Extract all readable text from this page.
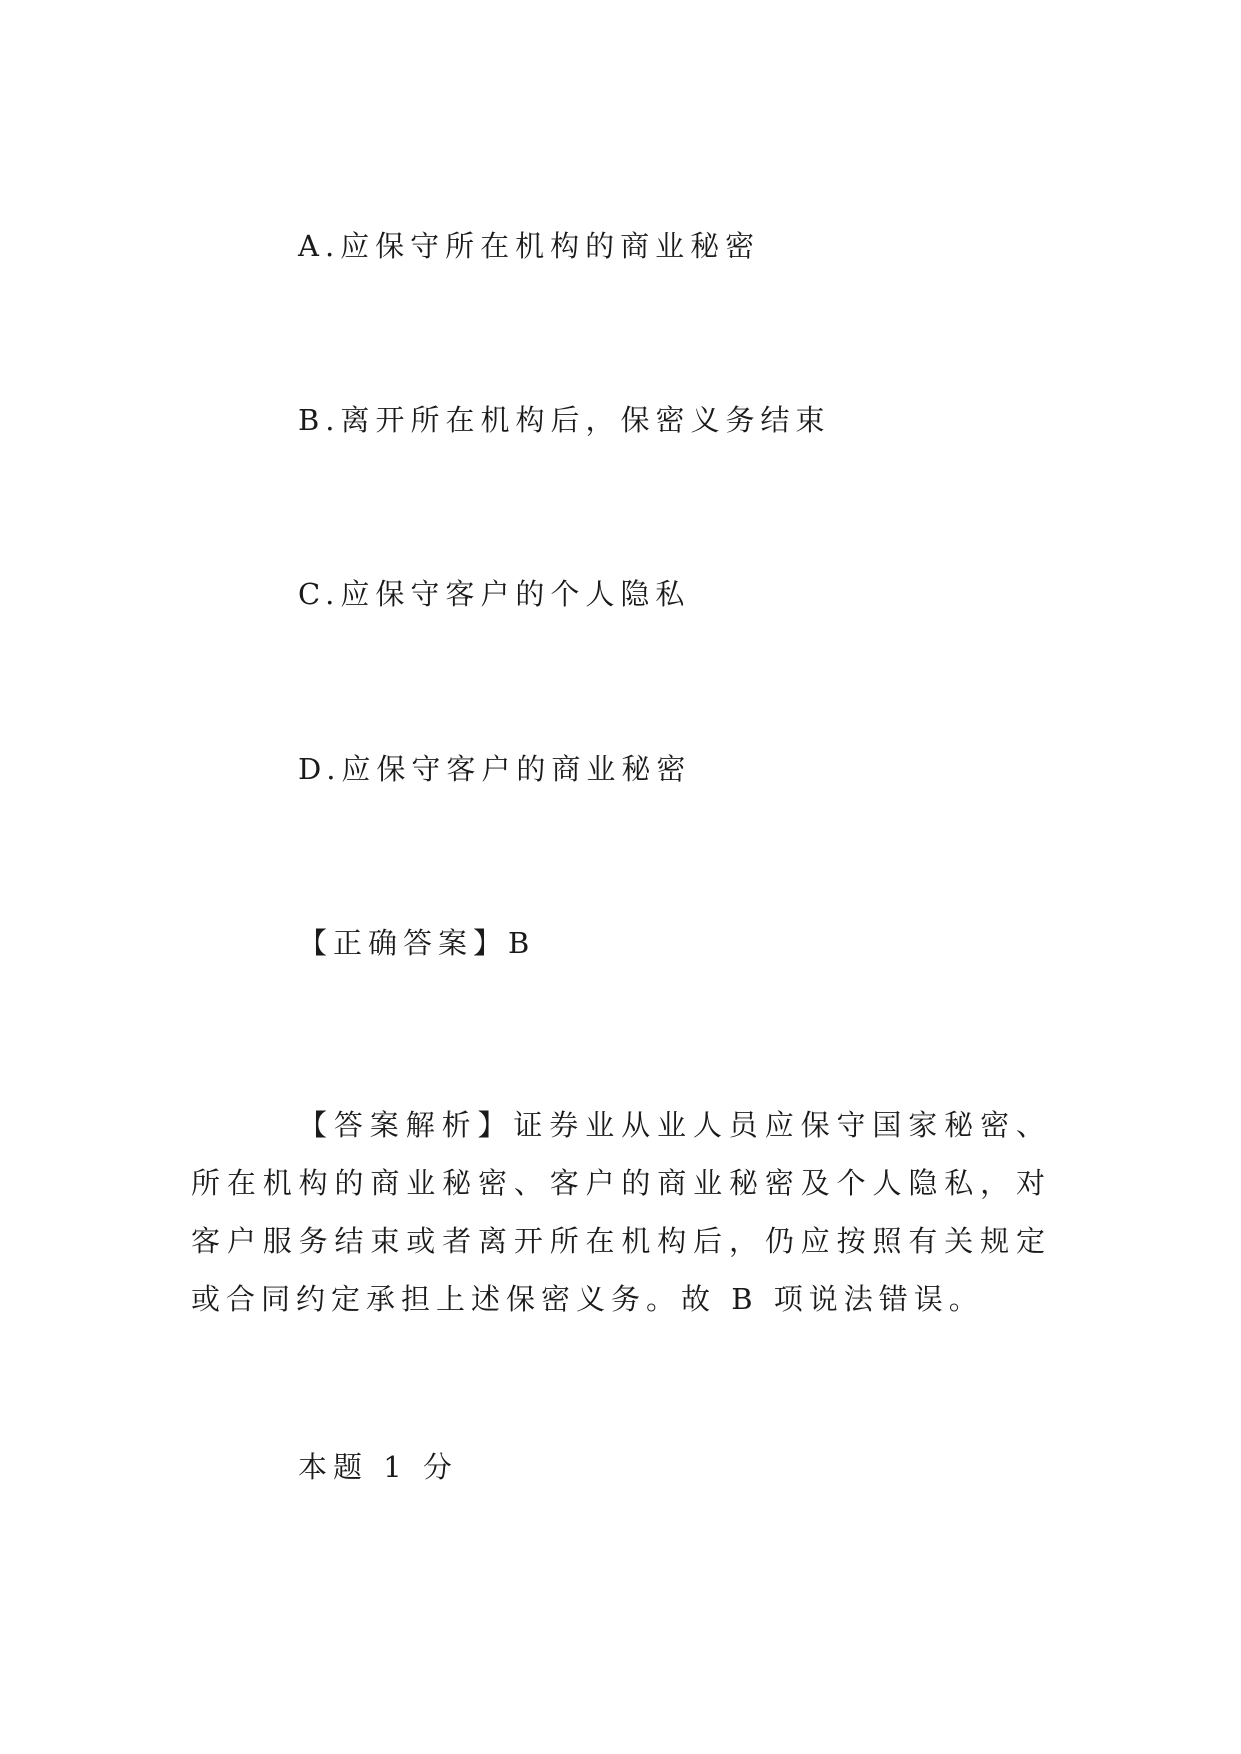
A.应保守所在机构的商业秘密
B.离开所在机构后，保密义务结束
C.应保守客户的个人隐私
D.应保守客户的商业秘密
【正确答案】B
【答案解析】证券业从业人员应保守国家秘密、所在机构的商业秘密、客户的商业秘密及个人隐私，对客户服务结束或者离开所在机构后，仍应按照有关规定或合同约定承担上述保密义务。故 B 项说法错误。
本题 1 分
